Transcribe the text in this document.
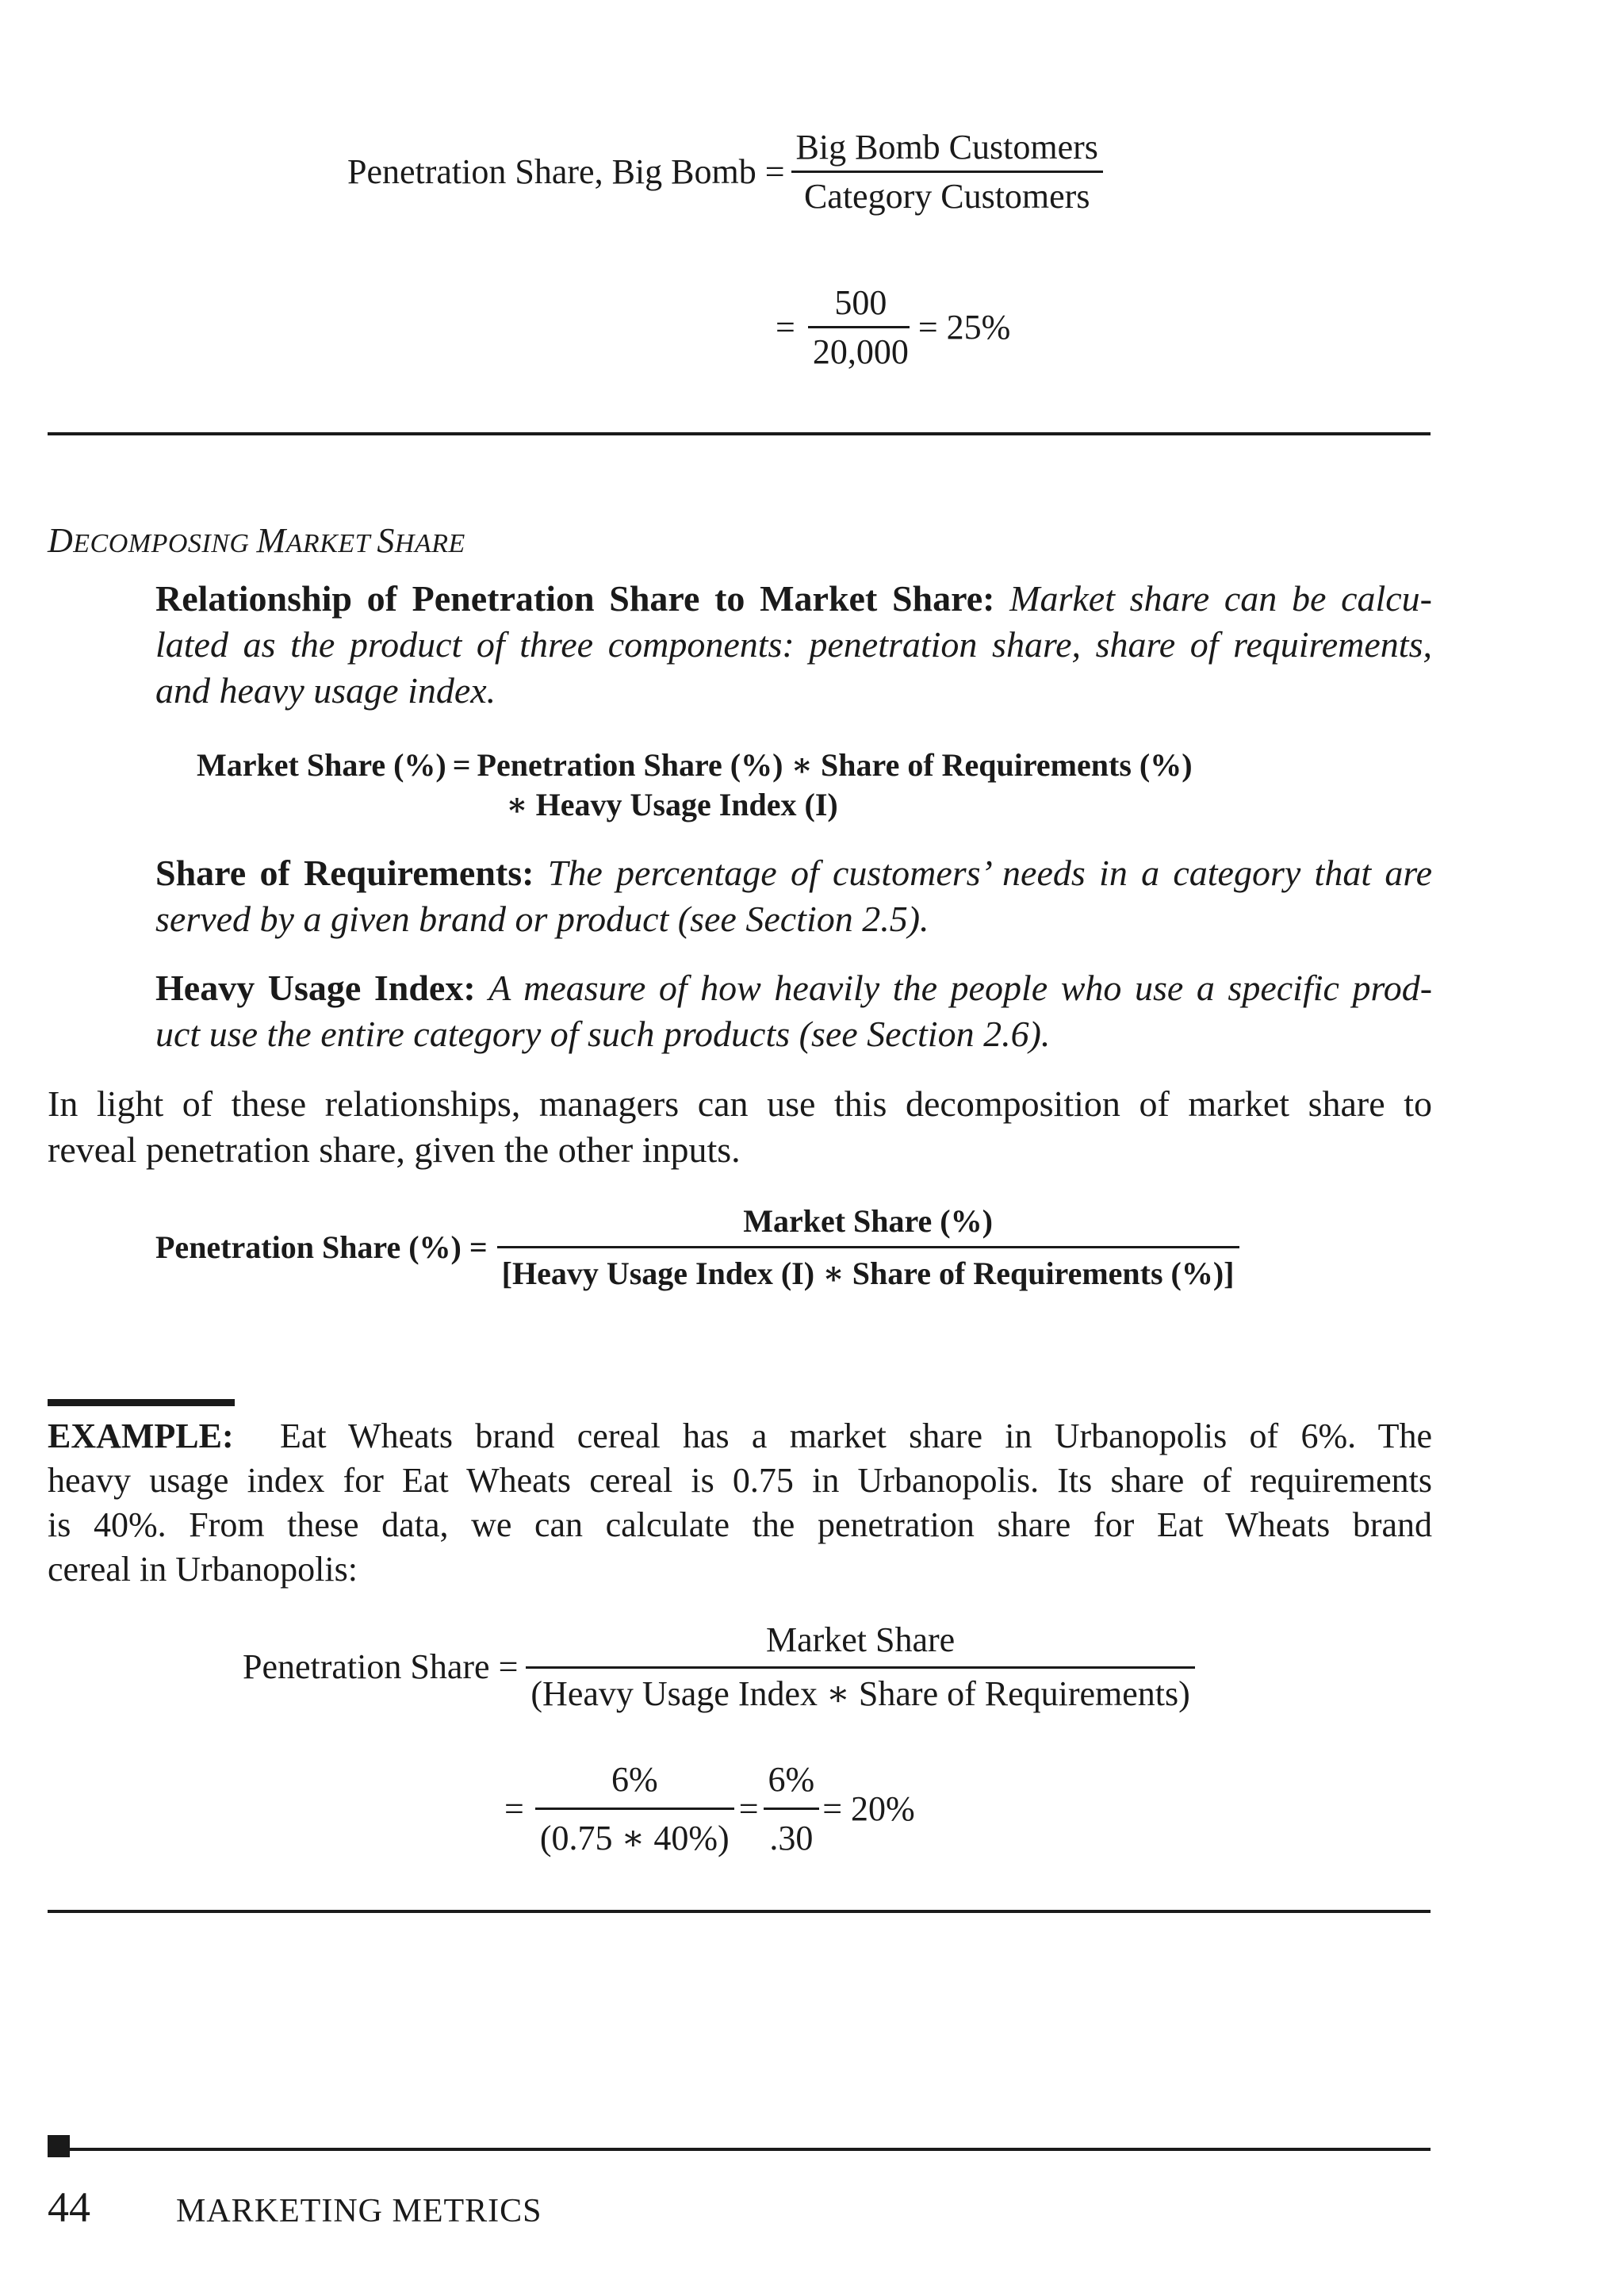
Penetration Share, Big Bomb = $\frac{\text{Big Bomb Customers}}{\text{Category Customers}}$
= $\frac{500}{20,000} = 25\%$
DECOMPOSING MARKET SHARE

Relationship of Penetration Share to Market Share: Market share can be calcu-

lated as the product of three components: penetration share, share of requirements,

and heavy usage index.

Market Share (%) = Penetration Share (%) ∗ Share of Requirements (%)
∗ Heavy Usage Index (I)

Share of Requirements: The percentage of customers’ needs in a category that are

served by a given brand or product (see Section 2.5).

Heavy Usage Index: A measure of how heavily the people who use a specific prod-

uct use the entire category of such products (see Section 2.6).

In light of these relationships, managers can use this decomposition of market share to
reveal penetration share, given the other inputs.
Penetration Share (%) = $\frac{\text{Market Share (\%)}}{\text{[Heavy Usage Index (I) ∗ Share of Requirements (\%)]}}$
EXAMPLE: Eat Wheats brand cereal has a market share in Urbanopolis of 6%. The
heavy usage index for Eat Wheats cereal is 0.75 in Urbanopolis. Its share of requirements
is 40%. From these data, we can calculate the penetration share for Eat Wheats brand
cereal in Urbanopolis:
Penetration Share = $\frac{\text{Market Share}}{\text{(Heavy Usage Index ∗ Share of Requirements)}}$
= $\frac{6\%}{(0.75 ∗ 40\%)} = \frac{6\%}{.30} = 20\%$
44	MARKETING METRICS
